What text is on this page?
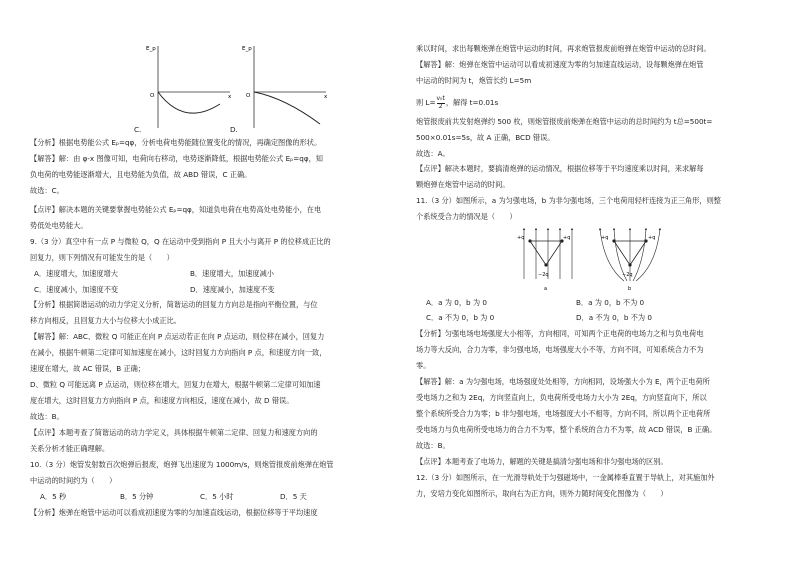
E_p
O	x
C.
E_p
O	x
D.
【分析】根据电势能公式 Eₚ=qφ，分析电荷电势能随位置变化的情况，再确定图像的形状。
【解答】解：由 φ-x 图像可知，电荷向右移动，电势逐渐降低，根据电势能公式 Eₚ=qφ，知
负电荷的电势能逐渐增大，且电势能为负值，故 ABD 错误，C 正确。
故选：C。
【点评】解决本题的关键要掌握电势能公式 Eₚ=qφ，知道负电荷在电势高处电势能小，在电
势低处电势能大。
9.（3 分）真空中有一点 P 与微粒 Q，Q 在运动中受到指向 P 且大小与离开 P 的位移成正比的
回复力，则下列情况有可能发生的是（　　）
A．速度增大，加速度增大	B．速度增大，加速度减小
C．速度减小，加速度不变	D．速度减小，加速度不变
【分析】根据简谐运动的动力学定义分析，简谐运动的回复力方向总是指向平衡位置，与位
移方向相反，且回复力大小与位移大小成正比。
【解答】解：ABC、微粒 Q 可能正在向 P 点运动若正在向 P 点运动，则位移在减小，回复力
在减小，根据牛顿第二定律可知加速度在减小，这时回复力方向指向 P 点，和速度方向一致，
速度在增大，故 AC 错误，B 正确；
D、微粒 Q 可能远离 P 点运动，则位移在增大，回复力在增大，根据牛顿第二定律可知加速
度在增大，这时回复力方向指向 P 点，和速度方向相反，速度在减小，故 D 错误。
故选：B。
【点评】本题考查了简谐运动的动力学定义，具体根据牛顿第二定律、回复力和速度方向的
关系分析才能正确理解。
10.（3 分）炮管发射数百次炮弹后报废，炮弹飞出速度为 1000m/s，则炮管报废前炮弹在炮管
中运动的时间约为（　　）
A．5 秒	B．5 分钟	C．5 小时	D．5 天
【分析】炮弹在炮管中运动可以看成初速度为零的匀加速直线运动，根据位移等于平均速度
乘以时间，求出每颗炮弹在炮管中运动的时间，再求炮管报废前炮弹在炮管中运动的总时间。
【解答】解：炮弹在炮管中运动可以看成初速度为零的匀加速直线运动，设每颗炮弹在炮管
中运动的时间为 t，炮管长约 L=5m
则 $L= \frac{\text{v₀t}}{2}$ ，解得 t=0.01s
炮管报废前共发射炮弹约 500 枚，则炮管报废前炮弹在炮管中运动的总时间约为 t总=500t=
500×0.01s=5s，故 A 正确，BCD 错误。
故选：A。
【点评】解决本题时，要搞清炮弹的运动情况，根据位移等于平均速度乘以时间，来求解每
颗炮弹在炮管中运动的时间。
11.（3 分）如图所示，a 为匀强电场，b 为非匀强电场，三个电荷用轻杆连接为正三角形，则整
个系统受合力的情况是（　　）
+q	+q
−2q
a
+q	+q
−2q
b
A．a 为 0，b 为 0	B．a 为 0，b 不为 0
C．a 不为 0，b 为 0	D．a 不为 0，b 不为 0
【分析】匀强电场电场强度大小相等，方向相同，可知两个正电荷的电场力之和与负电荷电
场力等大反向，合力为零，非匀强电场，电场强度大小不等，方向不同，可知系统合力不为
零。
【解答】解：a 为匀强电场，电场强度处处相等，方向相同，设场强大小为 E，两个正电荷所
受电场力之和为 2Eq，方向竖直向上，负电荷所受电场力大小为 2Eq，方向竖直向下，所以
整个系统所受合力为零；b 非匀强电场，电场强度大小不相等，方向不同，所以两个正电荷所
受电场力与负电荷所受电场力的合力不为零，整个系统的合力不为零，故 ACD 错误，B 正确。
故选：B。
【点评】本题考查了电场力，解题的关键是搞清匀强电场和非匀强电场的区别。
12.（3 分）如图所示，在一光滑导轨处于匀强磁场中，一金属棒垂直置于导轨上，对其施加外
力，安培力变化如图所示，取向右为正方向，则外力随时间变化图像为（　　）
